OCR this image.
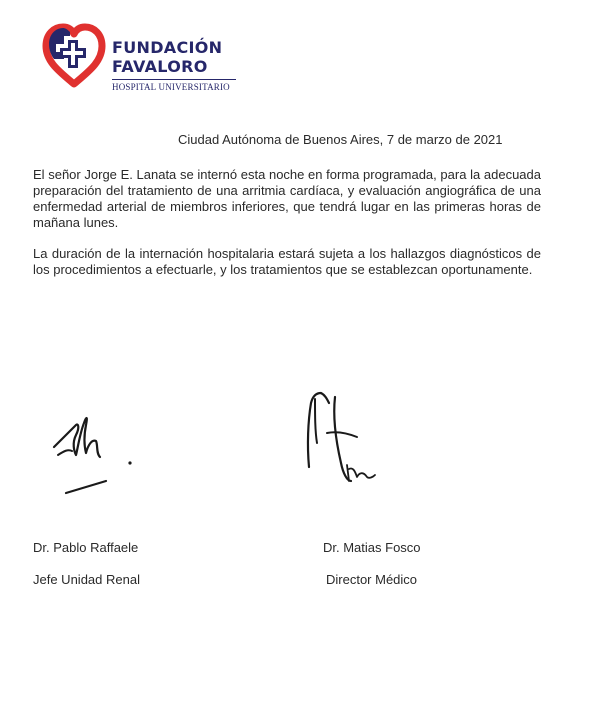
FUNDACIÓN
FAVALORO
HOSPITAL UNIVERSITARIO
Ciudad Autónoma de Buenos Aires, 7 de marzo de 2021
El señor Jorge E. Lanata se internó esta noche en forma programada, para la adecuada preparación del tratamiento de una arritmia cardíaca, y evaluación angiográfica de una enfermedad arterial de miembros inferiores, que tendrá lugar en las primeras horas de mañana lunes.
La duración de la internación hospitalaria estará sujeta a los hallazgos diagnósticos de los procedimientos a efectuarle, y los tratamientos que se establezcan oportunamente.
Dr. Pablo Raffaele
Jefe Unidad Renal
Dr. Matias Fosco
Director Médico
